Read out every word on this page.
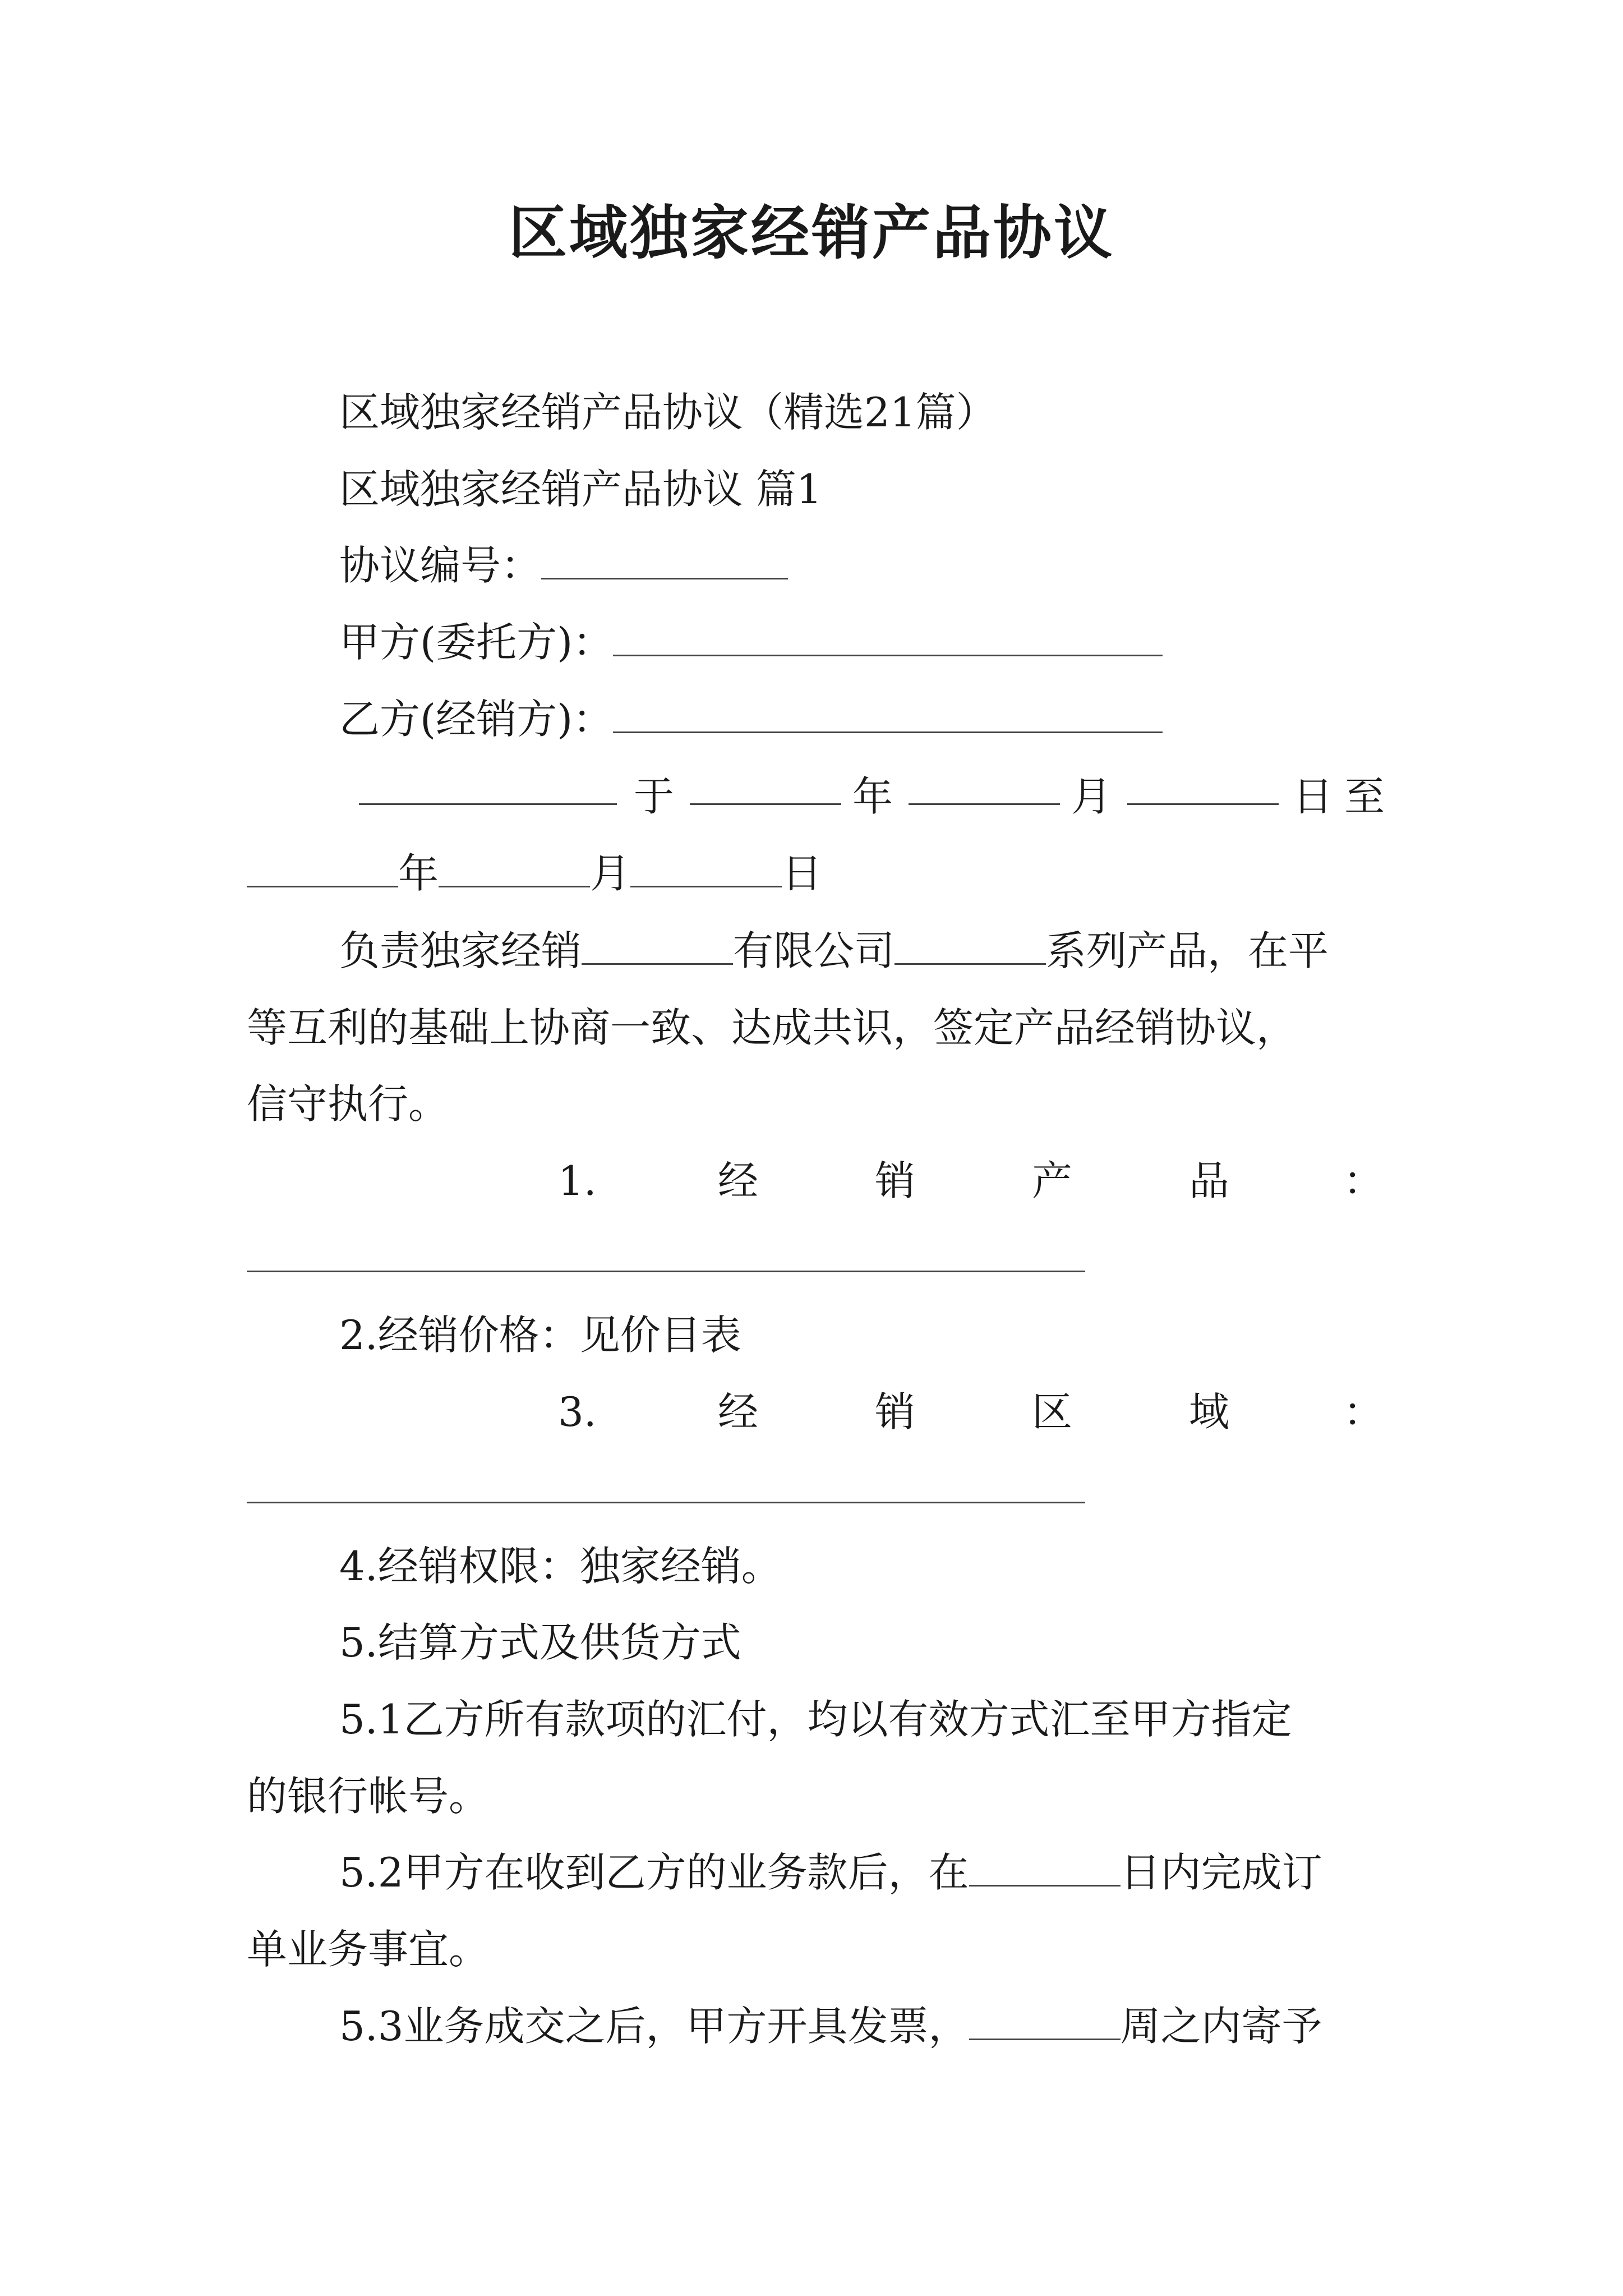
区域独家经销产品协议
区域独家经销产品协议（精选21篇）
区域独家经销产品协议 篇1
协议编号：
甲方(委托方)：
乙方(经销方)：
于	年	月	日至
年	月	日
负责独家经销	有限公司	系列产品，在平
等互利的基础上协商一致、达成共识，签定产品经销协议，
信守执行。
1.	经	销	产	品	：
2.经销价格：见价目表
3.	经	销	区	域	：
4.经销权限：独家经销。
5.结算方式及供货方式
5.1乙方所有款项的汇付，均以有效方式汇至甲方指定
的银行帐号。
5.2甲方在收到乙方的业务款后，在	日内完成订
单业务事宜。
5.3业务成交之后，甲方开具发票，	周之内寄予
